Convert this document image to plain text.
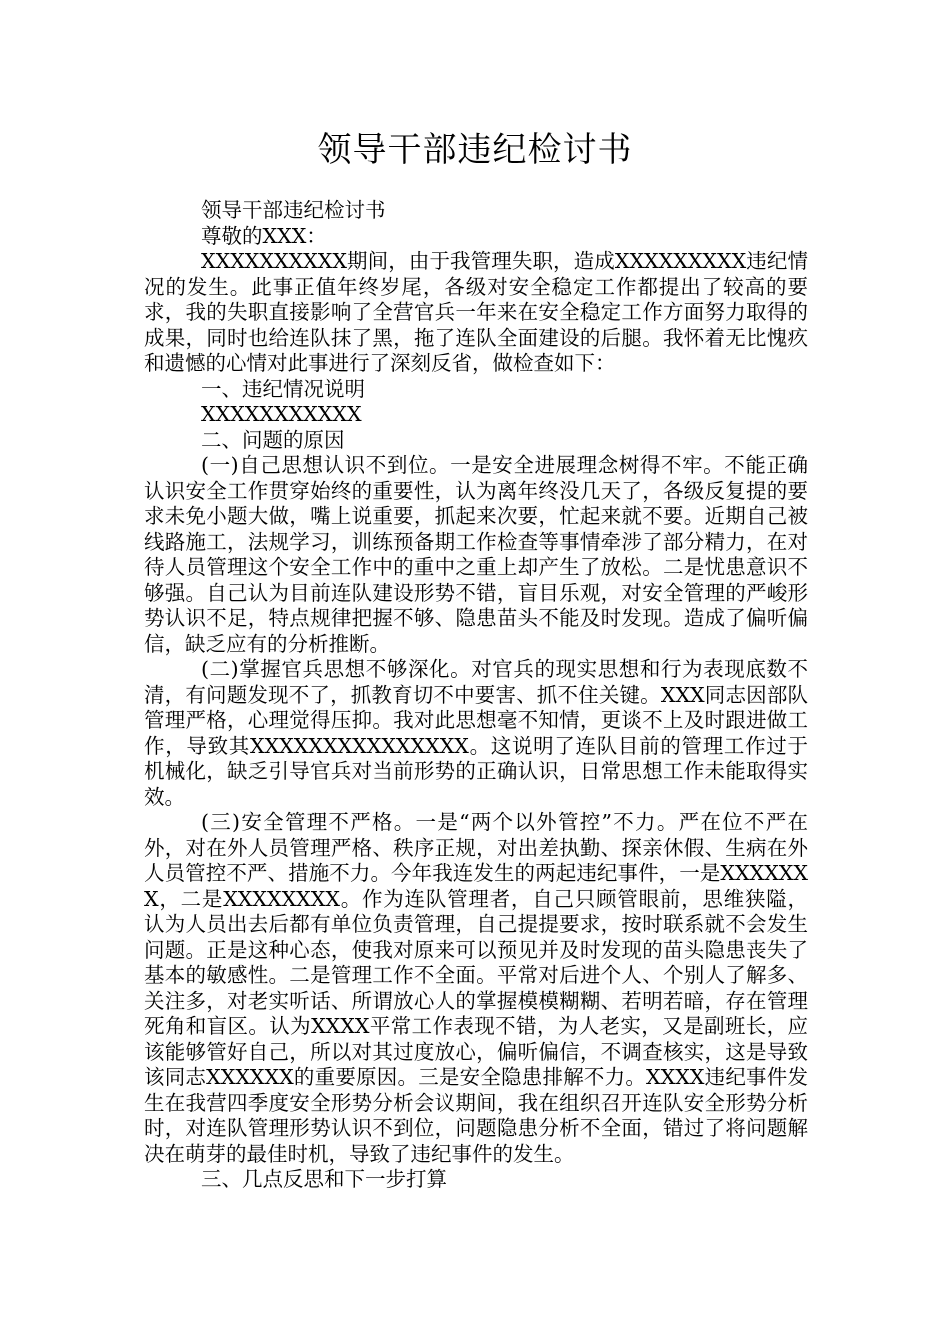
领导干部违纪检讨书

领导干部违纪检讨书

尊敬的XXX：

XXXXXXXXXX期间，由于我管理失职，造成XXXXXXXXX违纪情况的发生。此事正值年终岁尾，各级对安全稳定工作都提出了较高的要求，我的失职直接影响了全营官兵一年来在安全稳定工作方面努力取得的成果，同时也给连队抹了黑，拖了连队全面建设的后腿。我怀着无比愧疚和遗憾的心情对此事进行了深刻反省，做检查如下：

一、违纪情况说明

XXXXXXXXXXX

二、问题的原因

(一)自己思想认识不到位。一是安全进展理念树得不牢。不能正确认识安全工作贯穿始终的重要性，认为离年终没几天了，各级反复提的要求未免小题大做，嘴上说重要，抓起来次要，忙起来就不要。近期自己被线路施工，法规学习，训练预备期工作检查等事情牵涉了部分精力，在对待人员管理这个安全工作中的重中之重上却产生了放松。二是忧患意识不够强。自己认为目前连队建设形势不错，盲目乐观，对安全管理的严峻形势认识不足，特点规律把握不够、隐患苗头不能及时发现。造成了偏听偏信，缺乏应有的分析推断。

(二)掌握官兵思想不够深化。对官兵的现实思想和行为表现底数不清，有问题发现不了，抓教育切不中要害、抓不住关键。XXX同志因部队管理严格，心理觉得压抑。我对此思想毫不知情，更谈不上及时跟进做工作，导致其XXXXXXXXXXXXXXX。这说明了连队目前的管理工作过于机械化，缺乏引导官兵对当前形势的正确认识，日常思想工作未能取得实效。

(三)安全管理不严格。一是“两个以外管控”不力。严在位不严在外，对在外人员管理严格、秩序正规，对出差执勤、探亲休假、生病在外人员管控不严、措施不力。今年我连发生的两起违纪事件，一是XXXXXXX，二是XXXXXXXX。作为连队管理者，自己只顾管眼前，思维狭隘，认为人员出去后都有单位负责管理，自己提提要求，按时联系就不会发生问题。正是这种心态，使我对原来可以预见并及时发现的苗头隐患丧失了基本的敏感性。二是管理工作不全面。平常对后进个人、个别人了解多、关注多，对老实听话、所谓放心人的掌握模模糊糊、若明若暗，存在管理死角和盲区。认为XXXX平常工作表现不错，为人老实，又是副班长，应该能够管好自己，所以对其过度放心，偏听偏信，不调查核实，这是导致该同志XXXXXX的重要原因。三是安全隐患排解不力。XXXX违纪事件发生在我营四季度安全形势分析会议期间，我在组织召开连队安全形势分析时，对连队管理形势认识不到位，问题隐患分析不全面，错过了将问题解决在萌芽的最佳时机，导致了违纪事件的发生。

三、几点反思和下一步打算
